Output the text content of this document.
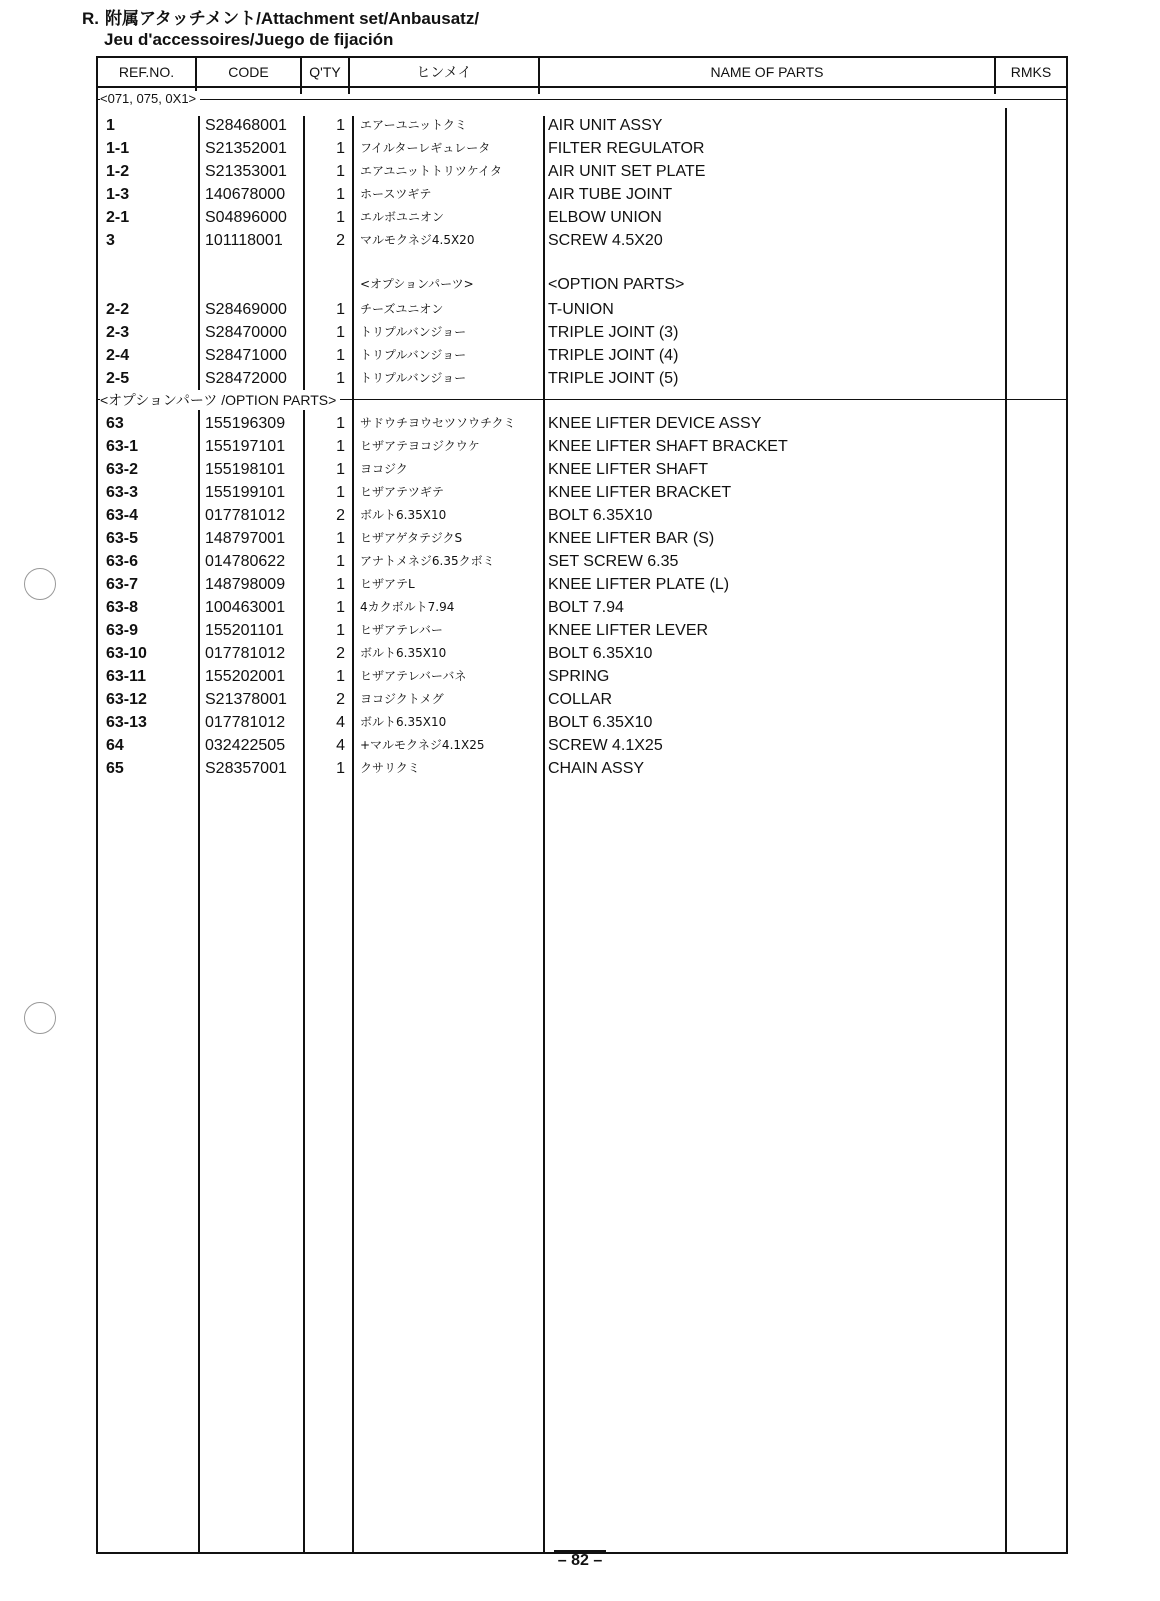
R. 附属アタッチメント/Attachment set/Anbausatz/
Jeu d'accessoires/Juego de fijación
REF.NO.	CODE	Q'TY	ヒンメイ	NAME OF PARTS	RMKS
<071, 075, 0X1>
1	S28468001	1 エアーユニットクミ	AIR UNIT ASSY
1-1	S21352001	1 フイルターレギュレータ	FILTER REGULATOR
1-2	S21353001	1 エアユニットトリツケイタ	AIR UNIT SET PLATE
1-3	140678000	1 ホースツギテ	AIR TUBE JOINT
2-1	S04896000	1 エルボユニオン	ELBOW UNION
3	101118001	2 マルモクネジ4.5X20	SCREW 4.5X20
<オプションパーツ>	<OPTION PARTS>
2-2	S28469000	1 チーズユニオン	T-UNION
2-3	S28470000	1 トリプルバンジョー	TRIPLE JOINT (3)
2-4	S28471000	1 トリプルバンジョー	TRIPLE JOINT (4)
2-5	S28472000	1 トリプルバンジョー	TRIPLE JOINT (5)
<オプションパーツ /OPTION PARTS>
63	155196309	1 サドウチヨウセツソウチクミ KNEE LIFTER DEVICE ASSY
63-1	155197101	1 ヒザアテヨコジクウケ	KNEE LIFTER SHAFT BRACKET
63-2	155198101	1 ヨコジク	KNEE LIFTER SHAFT
63-3	155199101	1 ヒザアテツギテ	KNEE LIFTER BRACKET
63-4	017781012	2 ボルト6.35X10	BOLT 6.35X10
63-5	148797001	1 ヒザアゲタテジクS	KNEE LIFTER BAR (S)
63-6	014780622	1 アナトメネジ6.35クボミ	SET SCREW 6.35
63-7	148798009	1 ヒザアテL	KNEE LIFTER PLATE (L)
63-8	100463001	1 4カクボルト7.94	BOLT 7.94
63-9	155201101	1 ヒザアテレバー	KNEE LIFTER LEVER
63-10	017781012	2 ボルト6.35X10	BOLT 6.35X10
63-11	155202001	1 ヒザアテレバーバネ	SPRING
63-12	S21378001	2 ヨコジクトメグ	COLLAR
63-13	017781012	4 ボルト6.35X10	BOLT 6.35X10
64	032422505	4 +マルモクネジ4.1X25	SCREW 4.1X25
65	S28357001	1 クサリクミ	CHAIN ASSY
– 82 –
